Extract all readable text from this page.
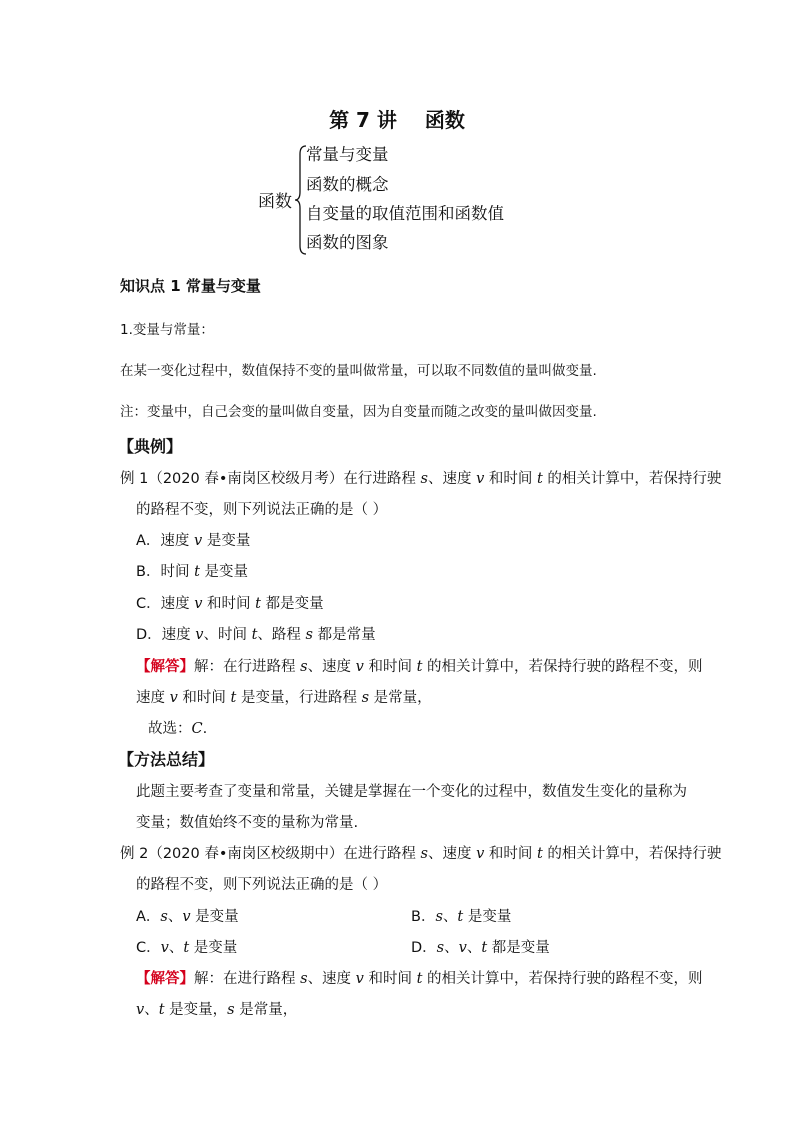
第 7 讲 函数
函数
常量与变量
函数的概念
自变量的取值范围和函数值
函数的图象
知识点 1 常量与变量
1.变量与常量：
在某一变化过程中，数值保持不变的量叫做常量，可以取不同数值的量叫做变量.
注：变量中，自己会变的量叫做自变量，因为自变量而随之改变的量叫做因变量.
【典例】
例 1（2020 春•南岗区校级月考）在行进路程 s、速度 v 和时间 t 的相关计算中，若保持行驶
的路程不变，则下列说法正确的是（ ）
A．速度 v 是变量
B．时间 t 是变量
C．速度 v 和时间 t 都是变量
D．速度 v、时间 t、路程 s 都是常量
【解答】解：在行进路程 s、速度 v 和时间 t 的相关计算中，若保持行驶的路程不变，则
速度 v 和时间 t 是变量，行进路程 s 是常量，
故选：C.
【方法总结】
此题主要考查了变量和常量，关键是掌握在一个变化的过程中，数值发生变化的量称为
变量；数值始终不变的量称为常量.
例 2（2020 春•南岗区校级期中）在进行路程 s、速度 v 和时间 t 的相关计算中，若保持行驶
的路程不变，则下列说法正确的是（ ）
A．s、v 是变量	B．s、t 是变量
C．v、t 是变量	D．s、v、t 都是变量
【解答】解：在进行路程 s、速度 v 和时间 t 的相关计算中，若保持行驶的路程不变，则
v、t 是变量，s 是常量，
